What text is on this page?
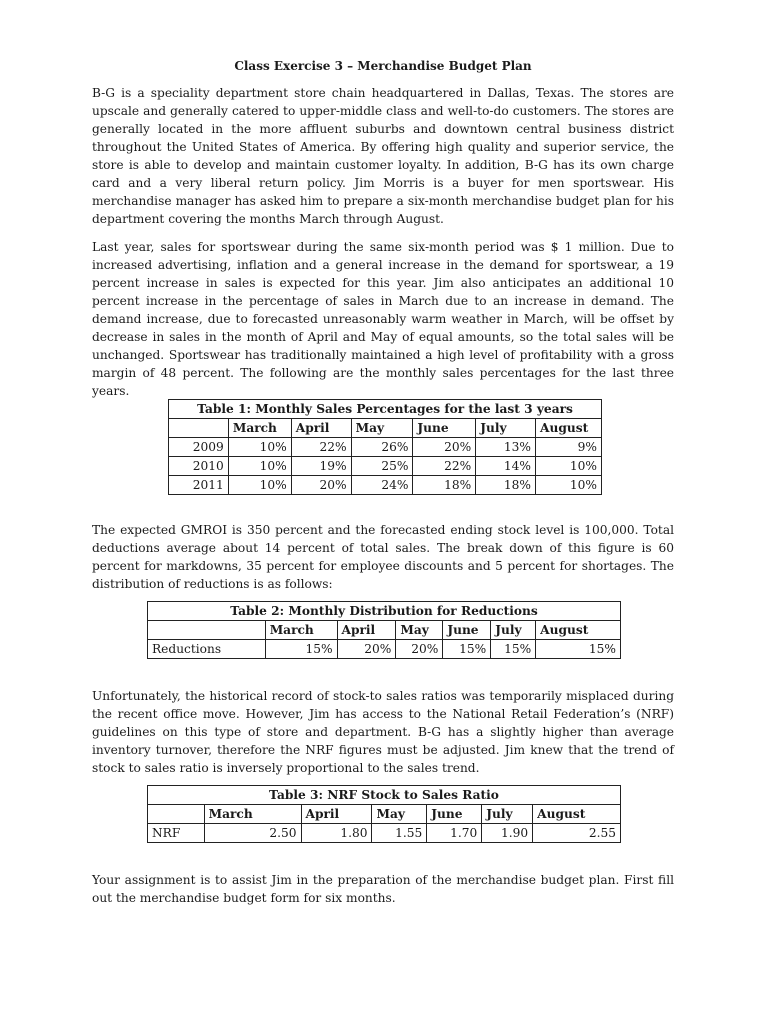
Class Exercise 3 – Merchandise Budget Plan

B-G is a speciality department store chain headquartered in Dallas, Texas. The stores are upscale and generally catered to upper-middle class and well-to-do customers. The stores are generally located in the more affluent suburbs and downtown central business district throughout the United States of America. By offering high quality and superior service, the store is able to develop and maintain customer loyalty. In addition, B-G has its own charge card and a very liberal return policy. Jim Morris is a buyer for men sportswear. His merchandise manager has asked him to prepare a six-month merchandise budget plan for his department covering the months March through August.

Last year, sales for sportswear during the same six-month period was $ 1 million. Due to increased advertising, inflation and a general increase in the demand for sportswear, a 19 percent increase in sales is expected for this year. Jim also anticipates an additional 10 percent increase in the percentage of sales in March due to an increase in demand. The demand increase, due to forecasted unreasonably warm weather in March, will be offset by decrease in sales in the month of April and May of equal amounts, so the total sales will be unchanged. Sportswear has traditionally maintained a high level of profitability with a gross margin of 48 percent. The following are the monthly sales percentages for the last three years.

Table 1: Monthly Sales Percentages for the last 3 years						
	March	April	May	June	July	August
2009	10%	22%	26%	20%	13%	9%
2010	10%	19%	25%	22%	14%	10%
2011	10%	20%	24%	18%	18%	10%

The expected GMROI is 350 percent and the forecasted ending stock level is 100,000. Total deductions average about 14 percent of total sales. The break down of this figure is 60 percent for markdowns, 35 percent for employee discounts and 5 percent for shortages. The distribution of reductions is as follows:

Table 2: Monthly Distribution for Reductions						
	March	April	May	June	July	August
Reductions	15%	20%	20%	15%	15%	15%

Unfortunately, the historical record of stock-to sales ratios was temporarily misplaced during the recent office move. However, Jim has access to the National Retail Federation’s (NRF) guidelines on this type of store and department. B-G has a slightly higher than average inventory turnover, therefore the NRF figures must be adjusted. Jim knew that the trend of stock to sales ratio is inversely proportional to the sales trend.

Table 3: NRF Stock to Sales Ratio						
	March	April	May	June	July	August
NRF	2.50	1.80	1.55	1.70	1.90	2.55

Your assignment is to assist Jim in the preparation of the merchandise budget plan. First fill out the merchandise budget form for six months.
